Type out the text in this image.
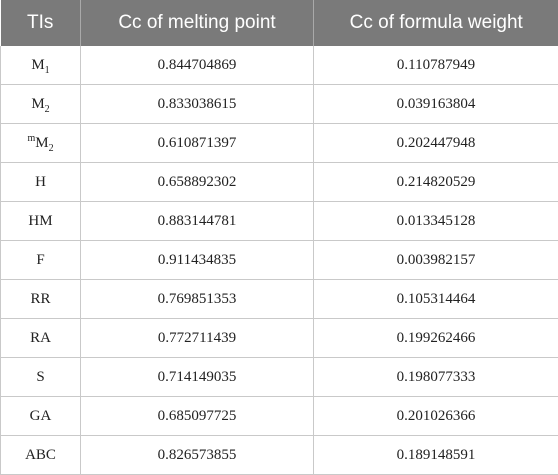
TIs	Cc of melting point	Cc of formula weight
$M_1$	0.844704869	0.110787949
$M_2$	0.833038615	0.039163804
$^mM_2$	0.610871397	0.202447948
H	0.658892302	0.214820529
HM	0.883144781	0.013345128
F	0.911434835	0.003982157
RR	0.769851353	0.105314464
RA	0.772711439	0.199262466
S	0.714149035	0.198077333
GA	0.685097725	0.201026366
ABC	0.826573855	0.189148591
